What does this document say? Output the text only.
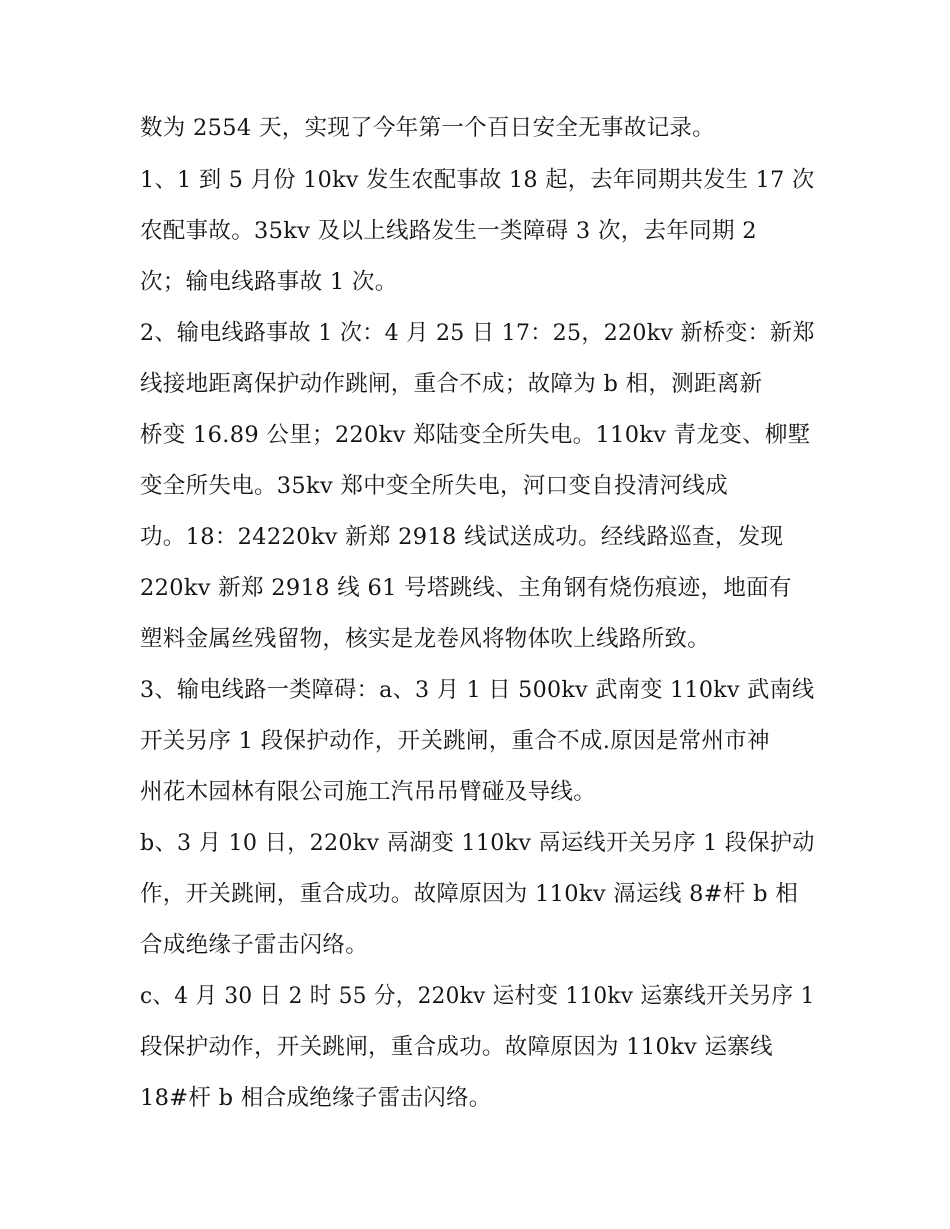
数为 2554 天，实现了今年第一个百日安全无事故记录。
1、1 到 5 月份 10kv 发生农配事故 18 起，去年同期共发生 17 次
农配事故。35kv 及以上线路发生一类障碍 3 次，去年同期 2
次；输电线路事故 1 次。
2、输电线路事故 1 次：4 月 25 日 17：25，220kv 新桥变：新郑
线接地距离保护动作跳闸，重合不成；故障为 b 相，测距离新
桥变 16.89 公里；220kv 郑陆变全所失电。110kv 青龙变、柳墅
变全所失电。35kv 郑中变全所失电，河口变自投清河线成
功。18：24220kv 新郑 2918 线试送成功。经线路巡查，发现
220kv 新郑 2918 线 61 号塔跳线、主角钢有烧伤痕迹，地面有
塑料金属丝残留物，核实是龙卷风将物体吹上线路所致。
3、输电线路一类障碍：a、3 月 1 日 500kv 武南变 110kv 武南线
开关另序 1 段保护动作，开关跳闸，重合不成.原因是常州市神
州花木园林有限公司施工汽吊吊臂碰及导线。
b、3 月 10 日，220kv 鬲湖变 110kv 鬲运线开关另序 1 段保护动
作，开关跳闸，重合成功。故障原因为 110kv 滆运线 8#杆 b 相
合成绝缘子雷击闪络。
c、4 月 30 日 2 时 55 分，220kv 运村变 110kv 运寨线开关另序 1
段保护动作，开关跳闸，重合成功。故障原因为 110kv 运寨线
18#杆 b 相合成绝缘子雷击闪络。
